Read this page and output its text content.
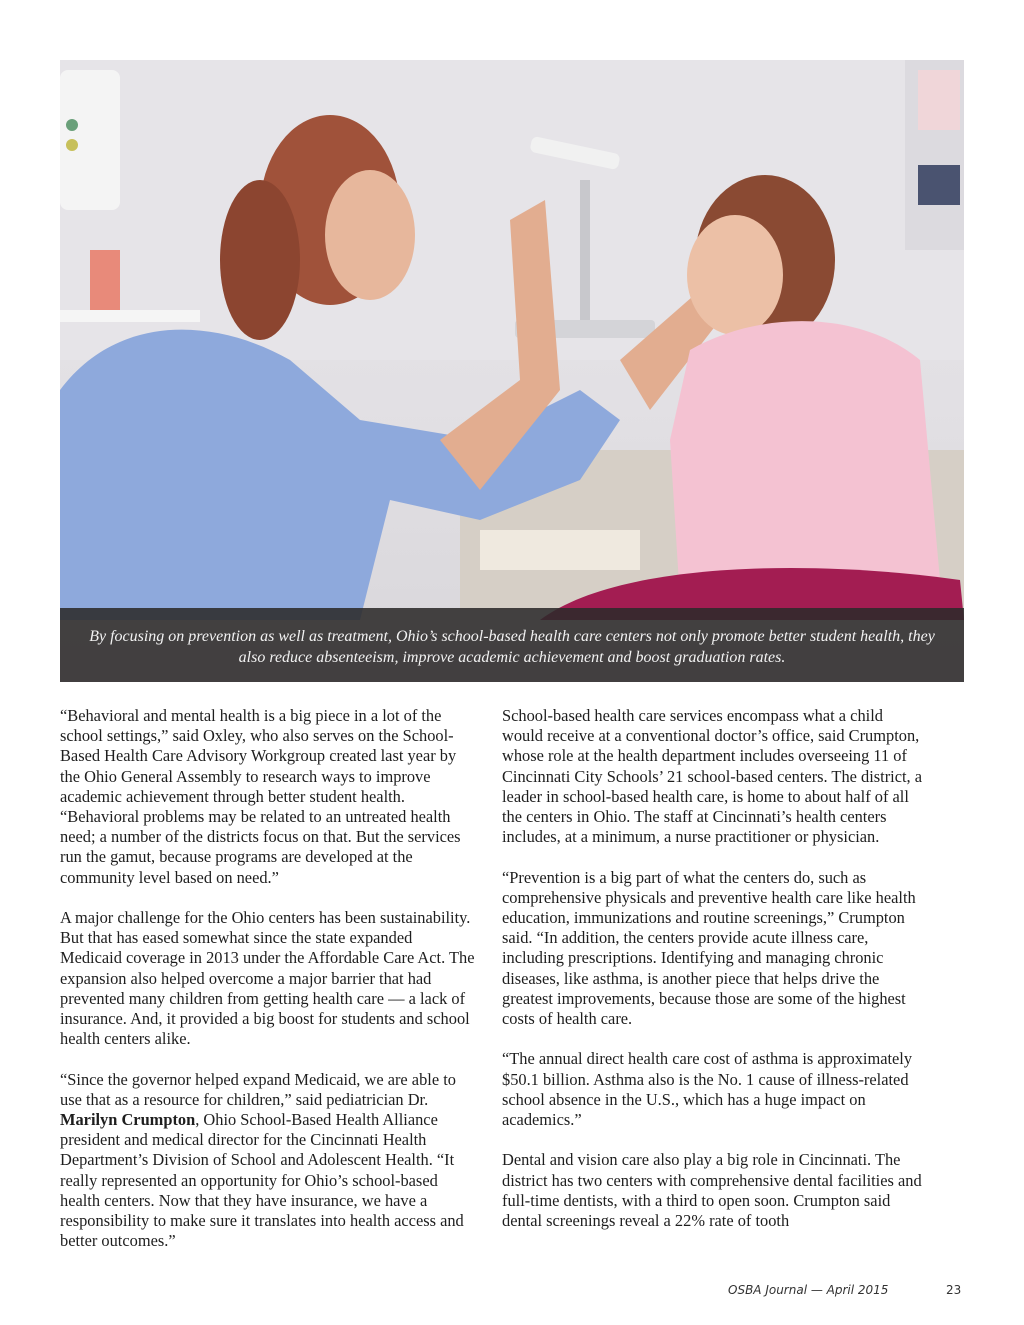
By focusing on prevention as well as treatment, Ohio’s school-based health care centers not only promote better student health, they also reduce absenteeism, improve academic achievement and boost graduation rates.

“Behavioral and mental health is a big piece in a lot of the school settings,” said Oxley, who also serves on the School-Based Health Care Advisory Workgroup created last year by the Ohio General Assembly to research ways to improve academic achievement through better student health. “Behavioral problems may be related to an untreated health need; a number of the districts focus on that. But the services run the gamut, because programs are developed at the community level based on need.”

A major challenge for the Ohio centers has been sustainability. But that has eased somewhat since the state expanded Medicaid coverage in 2013 under the Affordable Care Act. The expansion also helped overcome a major barrier that had prevented many children from getting health care — a lack of insurance. And, it provided a big boost for students and school health centers alike.

“Since the governor helped expand Medicaid, we are able to use that as a resource for children,” said pediatrician Dr. Marilyn Crumpton, Ohio School-Based Health Alliance president and medical director for the Cincinnati Health Department’s Division of School and Adolescent Health. “It really represented an opportunity for Ohio’s school-based health centers. Now that they have insurance, we have a responsibility to make sure it translates into health access and better outcomes.”

School-based health care services encompass what a child would receive at a conventional doctor’s office, said Crumpton, whose role at the health department includes overseeing 11 of Cincinnati City Schools’ 21 school-based centers. The district, a leader in school-based health care, is home to about half of all the centers in Ohio. The staff at Cincinnati’s health centers includes, at a minimum, a nurse practitioner or physician.

“Prevention is a big part of what the centers do, such as comprehensive physicals and preventive health care like health education, immunizations and routine screenings,” Crumpton said. “In addition, the centers provide acute illness care, including prescriptions. Identifying and managing chronic diseases, like asthma, is another piece that helps drive the greatest improvements, because those are some of the highest costs of health care.

“The annual direct health care cost of asthma is approximately $50.1 billion. Asthma also is the No. 1 cause of illness-related school absence in the U.S., which has a huge impact on academics.”

Dental and vision care also play a big role in Cincinnati. The district has two centers with comprehensive dental facilities and full-time dentists, with a third to open soon. Crumpton said dental screenings reveal a 22% rate of tooth

OSBA Journal — April 2015	23
